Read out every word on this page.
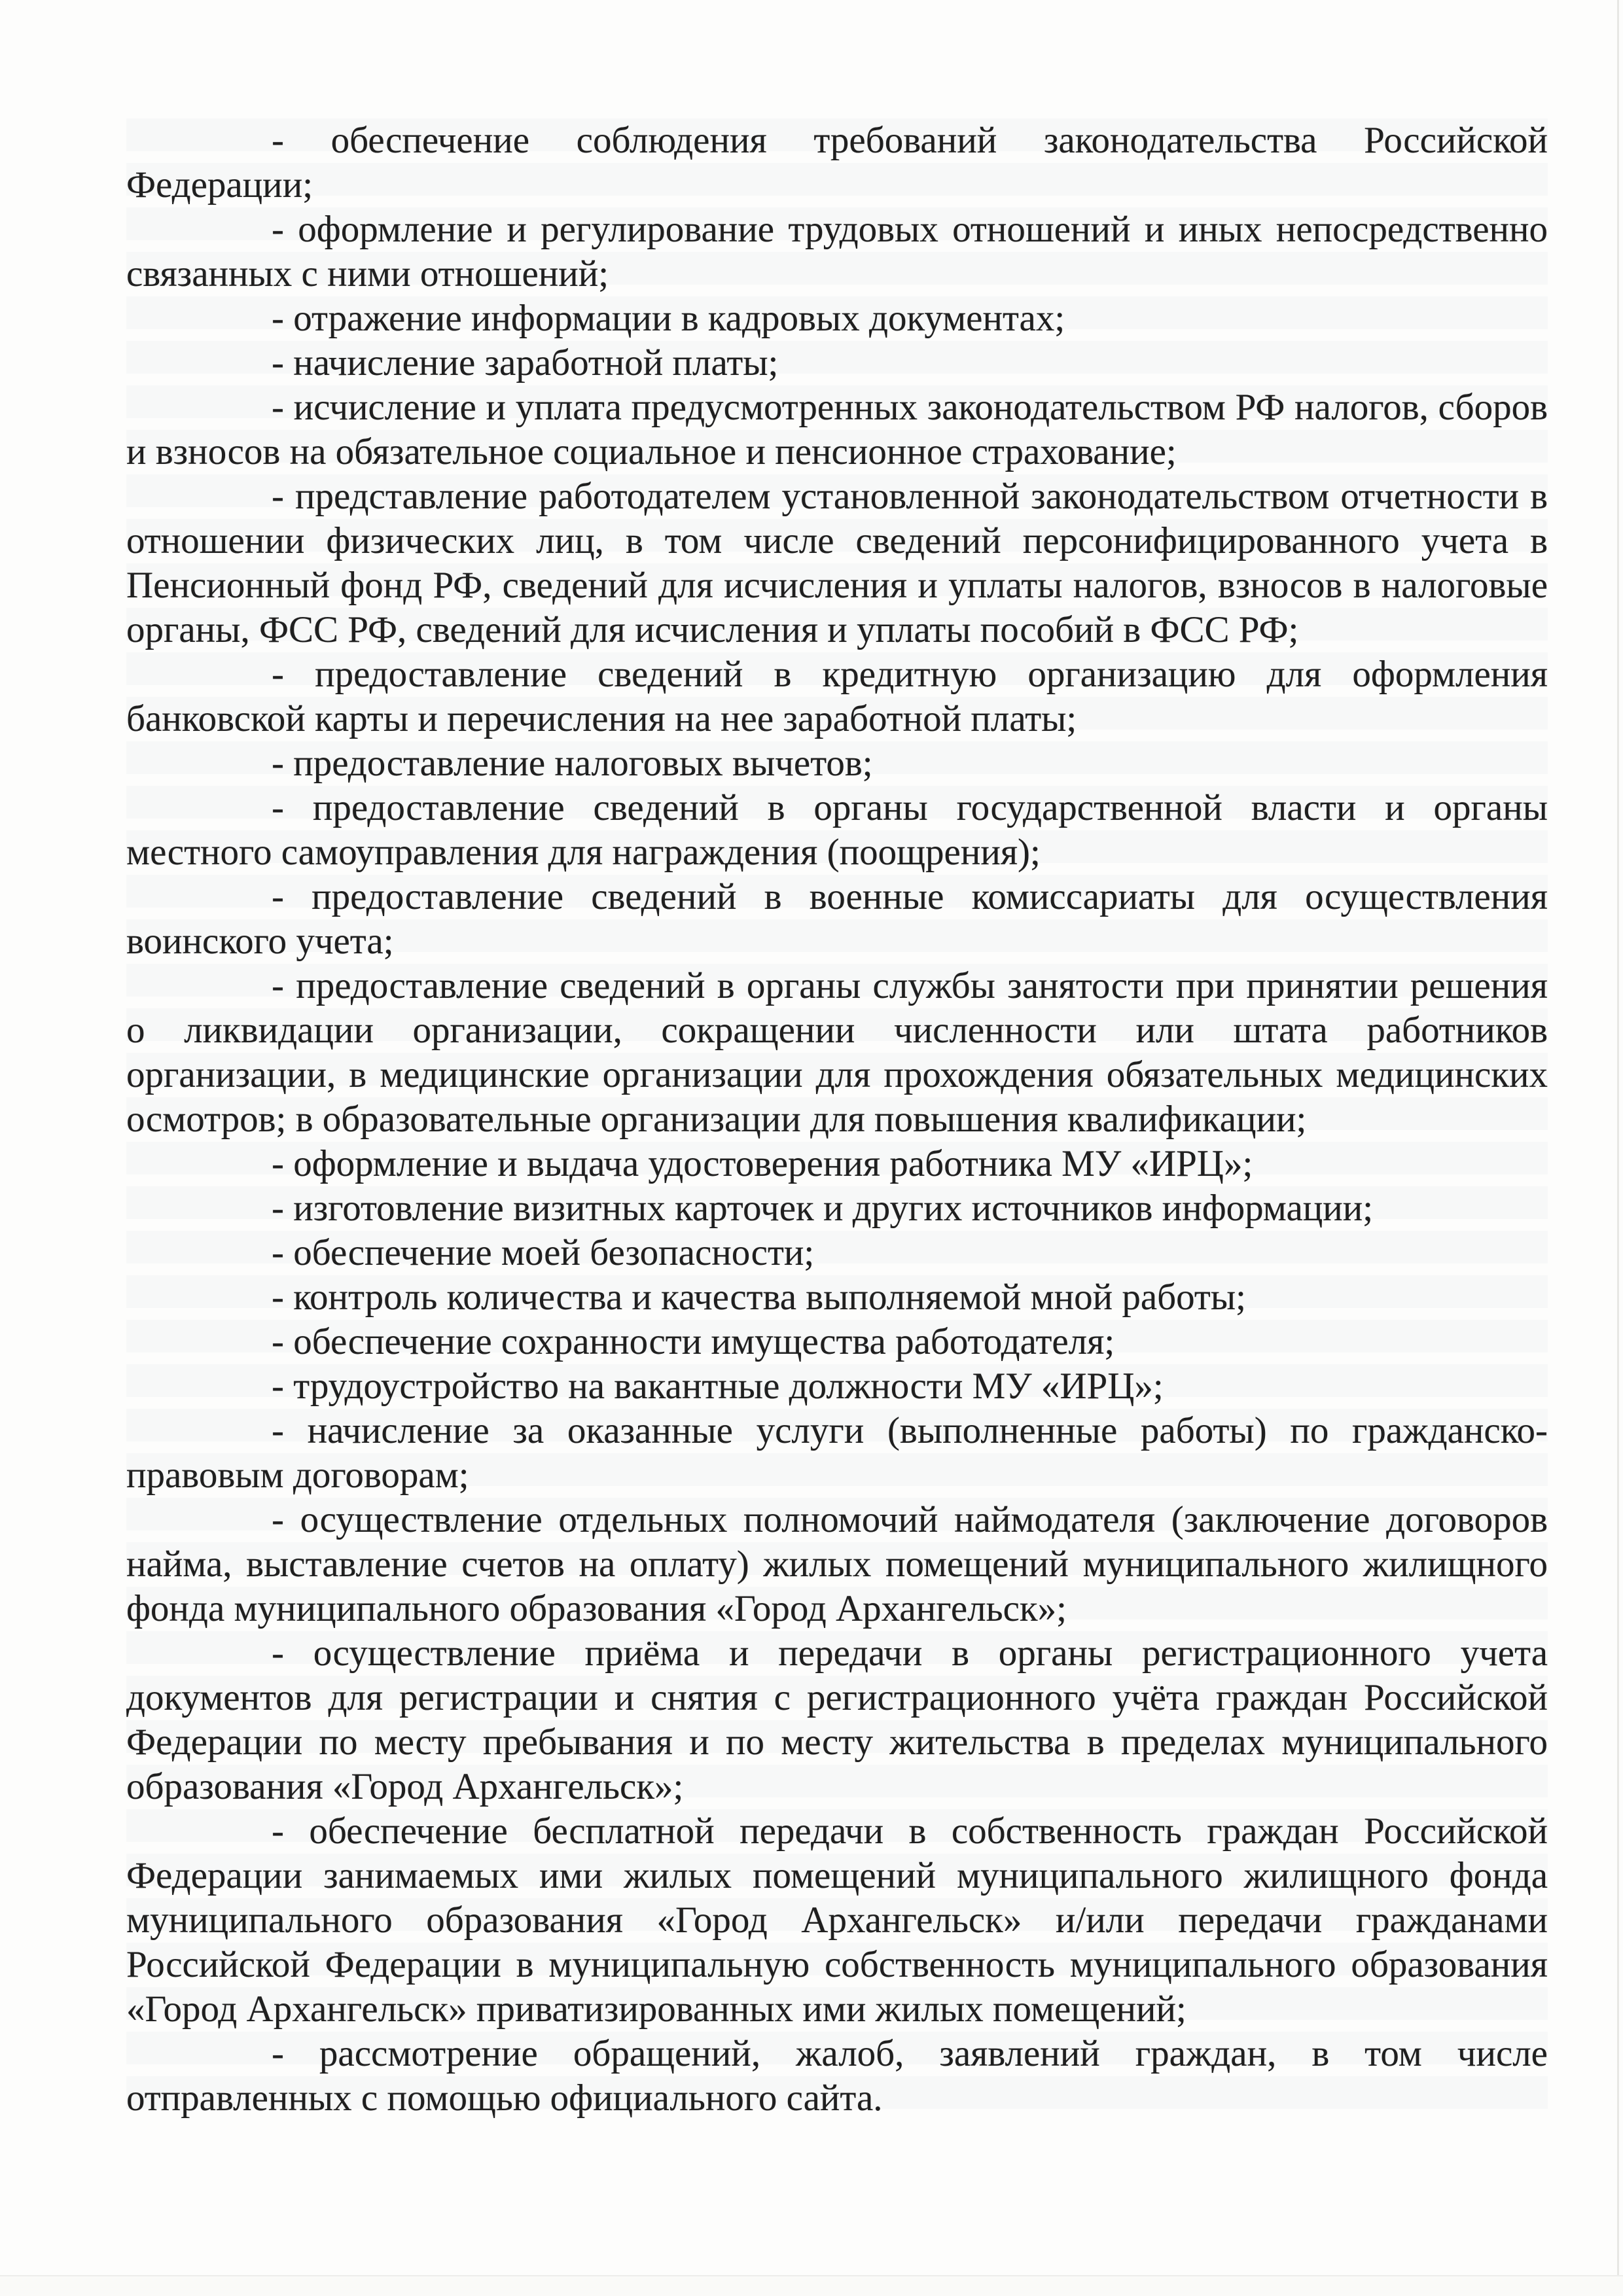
- обеспечение соблюдения требований законодательства Российской Федерации;

- оформление и регулирование трудовых отношений и иных непосредственно связанных с ними отношений;

- отражение информации в кадровых документах;

- начисление заработной платы;

- исчисление и уплата предусмотренных законодательством РФ налогов, сборов и взносов на обязательное социальное и пенсионное страхование;

- представление работодателем установленной законодательством отчетности в отношении физических лиц, в том числе сведений персонифицированного учета в Пенсионный фонд РФ, сведений для исчисления и уплаты налогов, взносов в налоговые органы, ФСС РФ, сведений для исчисления и уплаты пособий в ФСС РФ;

- предоставление сведений в кредитную организацию для оформления банковской карты и перечисления на нее заработной платы;

- предоставление налоговых вычетов;

- предоставление сведений в органы государственной власти и органы местного самоуправления для награждения (поощрения);

- предоставление сведений в военные комиссариаты для осуществления воинского учета;

- предоставление сведений в органы службы занятости при принятии решения о ликвидации организации, сокращении численности или штата работников организации, в медицинские организации для прохождения обязательных медицинских осмотров; в образовательные организации для повышения квалификации;

- оформление и выдача удостоверения работника МУ «ИРЦ»;

- изготовление визитных карточек и других источников информации;

- обеспечение моей безопасности;

- контроль количества и качества выполняемой мной работы;

- обеспечение сохранности имущества работодателя;

- трудоустройство на вакантные должности МУ «ИРЦ»;

- начисление за оказанные услуги (выполненные работы) по гражданско-правовым договорам;

- осуществление отдельных полномочий наймодателя (заключение договоров найма, выставление счетов на оплату) жилых помещений муниципального жилищного фонда муниципального образования «Город Архангельск»;

- осуществление приёма и передачи в органы регистрационного учета документов для регистрации и снятия с регистрационного учёта граждан Российской Федерации по месту пребывания и по месту жительства в пределах муниципального образования «Город Архангельск»;

- обеспечение бесплатной передачи в собственность граждан Российской Федерации занимаемых ими жилых помещений муниципального жилищного фонда муниципального образования «Город Архангельск» и/или передачи гражданами Российской Федерации в муниципальную собственность муниципального образования «Город Архангельск» приватизированных ими жилых помещений;

- рассмотрение обращений, жалоб, заявлений граждан, в том числе отправленных с помощью официального сайта.
